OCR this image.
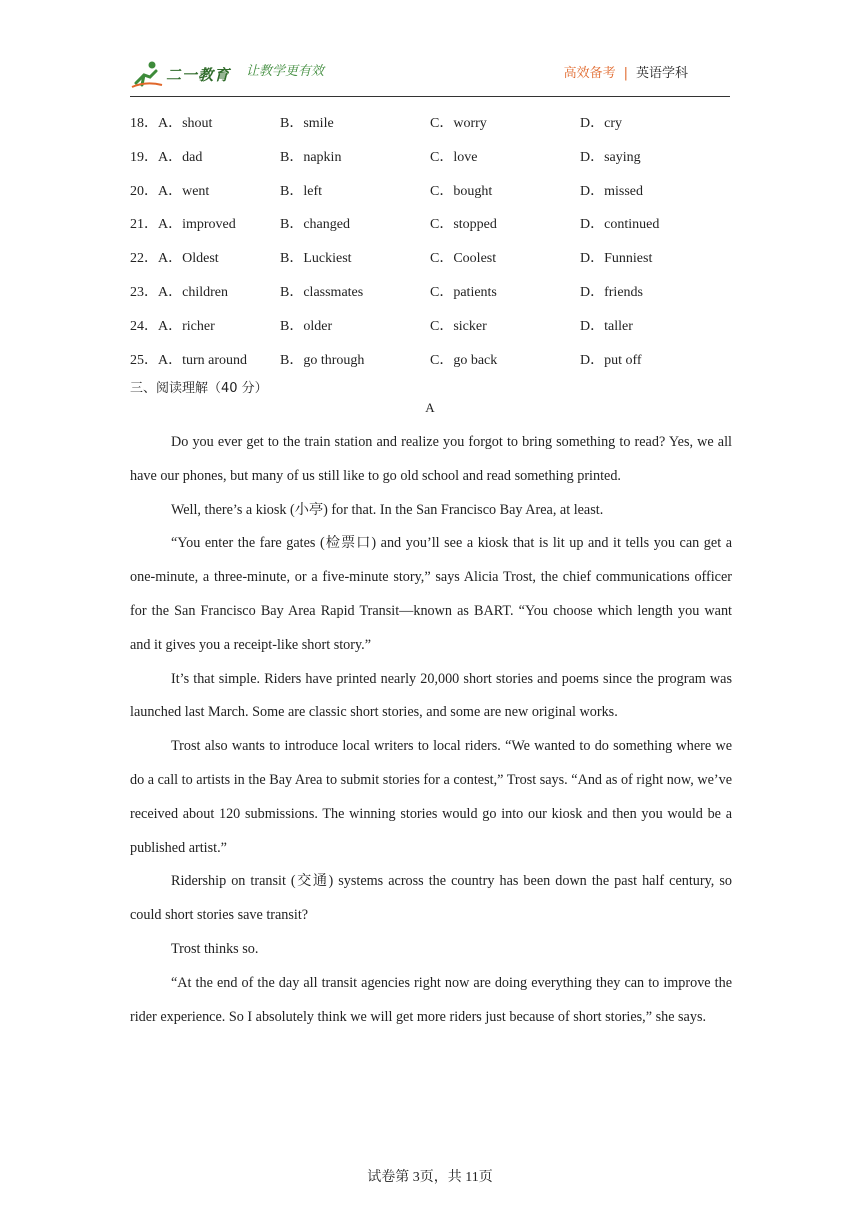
二一教育 让教学更有效	高效备考 | 英语学科
18．A．shout	B．smile	C．worry	D．cry
19．A．dad	B．napkin	C．love	D．saying
20．A．went	B．left	C．bought	D．missed
21．A．improved	B．changed	C．stopped	D．continued
22．A．Oldest	B．Luckiest	C．Coolest	D．Funniest
23．A．children	B．classmates	C．patients	D．friends
24．A．richer	B．older	C．sicker	D．taller
25．A．turn around B．go through	C．go back	D．put off
三、阅读理解（40 分）
A

Do you ever get to the train station and realize you forgot to bring something to read? Yes, we all have our phones, but many of us still like to go old school and read something printed.

Well, there’s a kiosk (小亭) for that. In the San Francisco Bay Area, at least.

“You enter the fare gates (检票口) and you’ll see a kiosk that is lit up and it tells you can get a one-minute, a three-minute, or a five-minute story,” says Alicia Trost, the chief communications officer for the San Francisco Bay Area Rapid Transit—known as BART. “You choose which length you want and it gives you a receipt-like short story.”

It’s that simple. Riders have printed nearly 20,000 short stories and poems since the program was launched last March. Some are classic short stories, and some are new original works.

Trost also wants to introduce local writers to local riders. “We wanted to do something where we do a call to artists in the Bay Area to submit stories for a contest,” Trost says. “And as of right now, we’ve received about 120 submissions. The winning stories would go into our kiosk and then you would be a published artist.”

Ridership on transit (交通) systems across the country has been down the past half century, so could short stories save transit?

Trost thinks so.

“At the end of the day all transit agencies right now are doing everything they can to improve the rider experience. So I absolutely think we will get more riders just because of short stories,” she says.

试卷第 3页，共 11页
